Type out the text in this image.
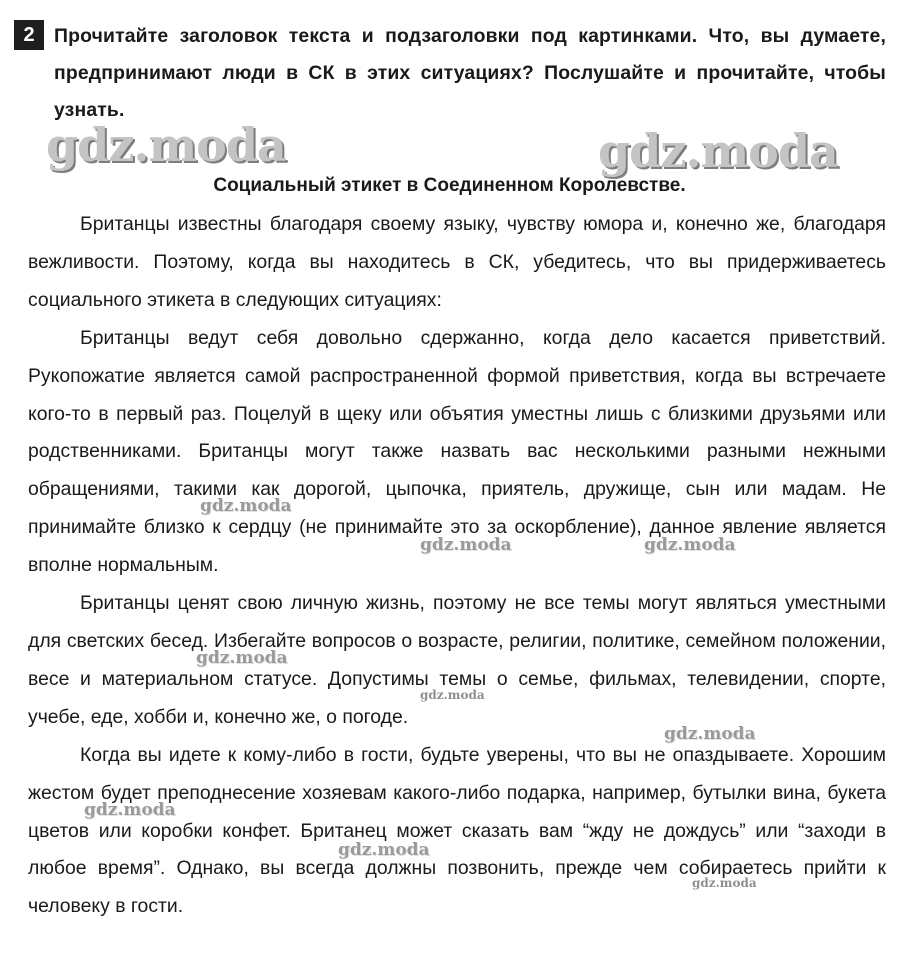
2	Прочитайте заголовок текста и подзаголовки под картинками. Что, вы думаете, предпринимают люди в СК в этих ситуациях? Послушайте и прочитайте, чтобы узнать.
Социальный этикет в Соединенном Королевстве.

Британцы известны благодаря своему языку, чувству юмора и, конечно же, благодаря вежливости. Поэтому, когда вы находитесь в СК, убедитесь, что вы придерживаетесь социального этикета в следующих ситуациях:

Британцы ведут себя довольно сдержанно, когда дело касается приветствий. Рукопожатие является самой распространенной формой приветствия, когда вы встречаете кого-то в первый раз. Поцелуй в щеку или объятия уместны лишь с близкими друзьями или родственниками. Британцы могут также назвать вас несколькими разными нежными обращениями, такими как дорогой, цыпочка, приятель, дружище, сын или мадам. Не принимайте близко к сердцу (не принимайте это за оскорбление), данное явление является вполне нормальным.

Британцы ценят свою личную жизнь, поэтому не все темы могут являться уместными для светских бесед. Избегайте вопросов о возрасте, религии, политике, семейном положении, весе и материальном статусе. Допустимы темы о семье, фильмах, телевидении, спорте, учебе, еде, хобби и, конечно же, о погоде.

Когда вы идете к кому-либо в гости, будьте уверены, что вы не опаздываете. Хорошим жестом будет преподнесение хозяевам какого-либо подарка, например, бутылки вина, букета цветов или коробки конфет. Британец может сказать вам “жду не дождусь” или “заходи в любое время”. Однако, вы всегда должны позвонить, прежде чем собираетесь прийти к человеку в гости.

gdz.moda	gdz.moda
gdz.moda
gdz.moda	gdz.moda
gdz.moda
gdz.moda
gdz.moda
gdz.moda
gdz.moda
gdz.moda
